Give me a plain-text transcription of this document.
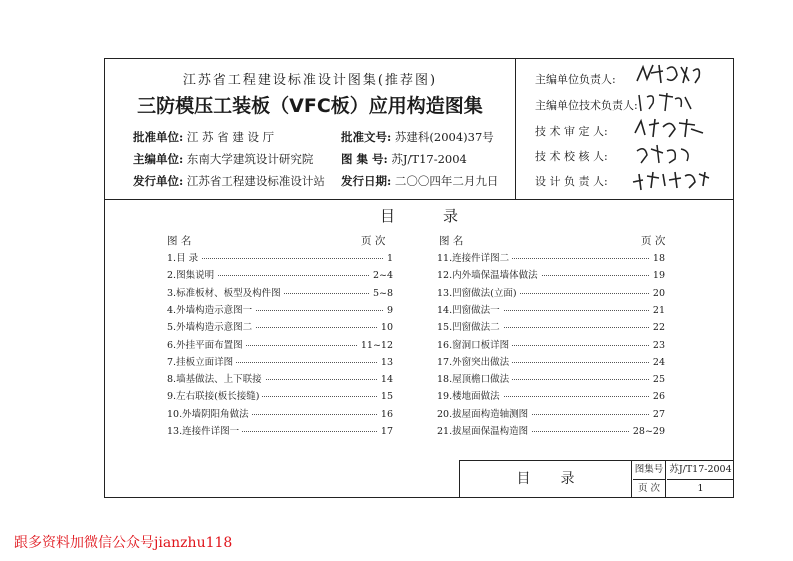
江苏省工程建设标准设计图集(推荐图)
三防模压工装板（VFC板）应用构造图集
批准单位: 江 苏 省 建 设 厅	批准文号: 苏建科(2004)37号
主编单位: 东南大学建筑设计研究院 图 集 号: 苏J/T17-2004
发行单位: 江苏省工程建设标准设计站 发行日期: 二〇〇四年二月九日
主编单位负责人:
主编单位技术负责人:
技 术 审 定 人:
技 术 校 核 人:
设 计 负 责 人:
目录
图 名	页 次	图 名	页 次
1.目 录	1
2.图集说明	2~4
3.标准板材、板型及构件图	5~8
4.外墙构造示意图一	9
5.外墙构造示意图二	10
6.外挂平面布置图	11~12
7.挂板立面详图	13
8.墙基做法、上下联接	14
9.左右联接(板长接缝)	15
10.外墙阴阳角做法	16
13.连接件详图一	17
11.连接件详图二	18
12.内外墙保温墙体做法	19
13.凹窗做法(立面)	20
14.凹窗做法一	21
15.凹窗做法二	22
16.窗洞口板详图	23
17.外窗突出做法	24
18.屋顶檐口做法	25
19.楼地面做法	26
20.拔屋面构造轴测图	27
21.拔屋面保温构造图	28~29
目录
图集号 苏J/T17-2004
页 次	1
跟多资料加微信公众号jianzhu118
